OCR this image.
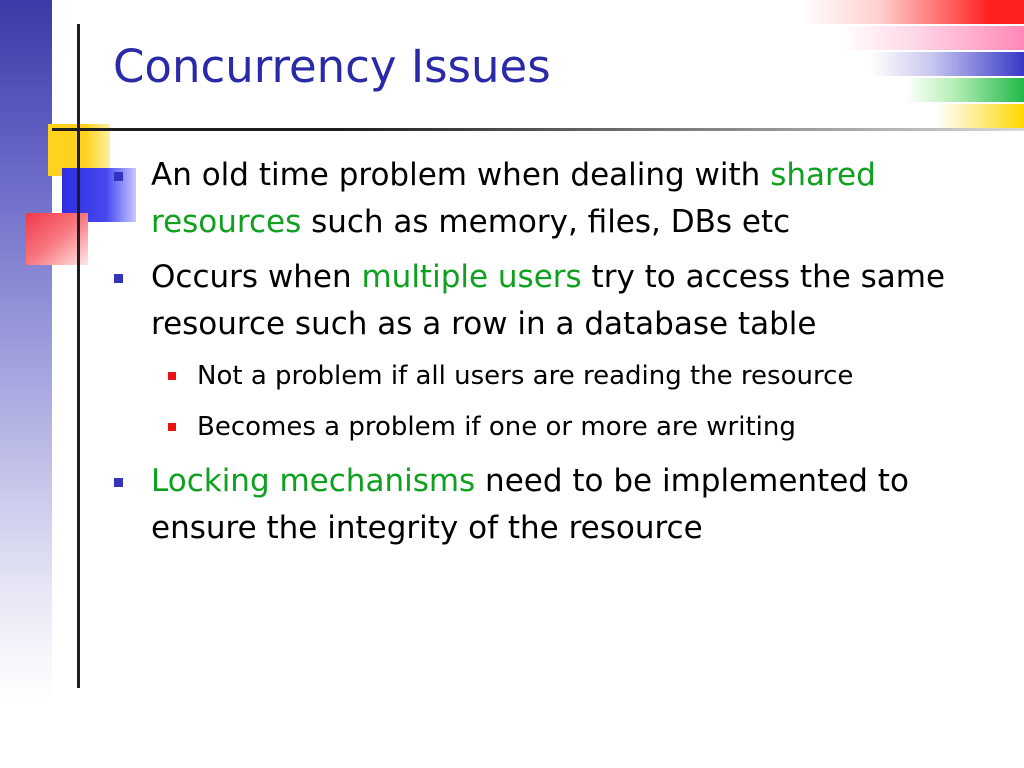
Concurrency Issues
An old time problem when dealing with shared resources such as memory, files, DBs etc
Occurs when multiple users try to access the same resource such as a row in a database table
Not a problem if all users are reading the resource
Becomes a problem if one or more are writing
Locking mechanisms need to be implemented to ensure the integrity of the resource
